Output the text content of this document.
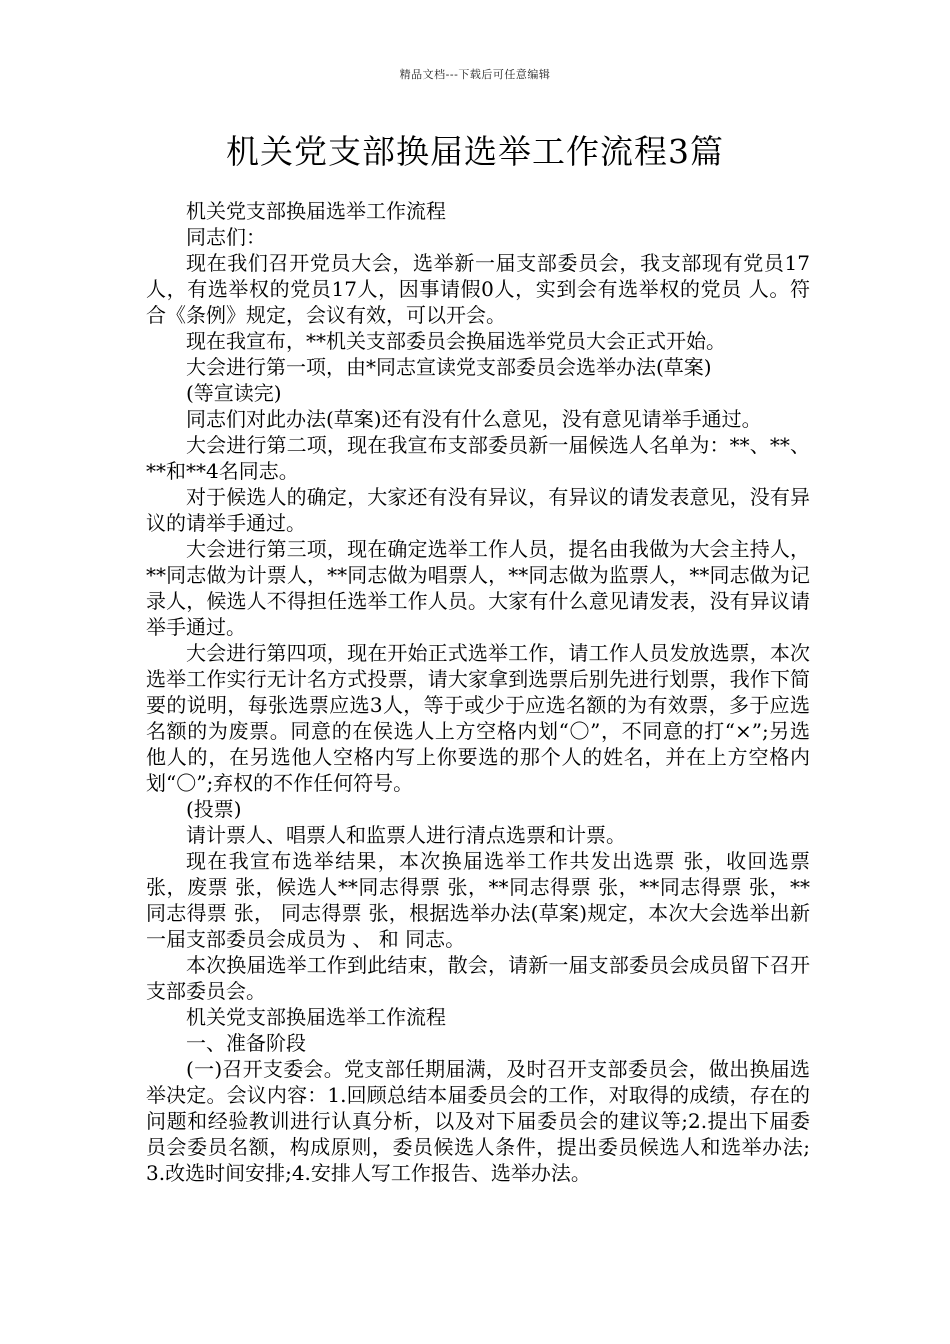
精品文档---下载后可任意编辑
机关党支部换届选举工作流程3篇

机关党支部换届选举工作流程

同志们：

现在我们召开党员大会，选举新一届支部委员会，我支部现有党员17人，有选举权的党员17人，因事请假0人，实到会有选举权的党员 人。符合《条例》规定，会议有效，可以开会。

现在我宣布，**机关支部委员会换届选举党员大会正式开始。

大会进行第一项，由*同志宣读党支部委员会选举办法(草案)

(等宣读完)

同志们对此办法(草案)还有没有什么意见，没有意见请举手通过。

大会进行第二项，现在我宣布支部委员新一届候选人名单为：**、**、**和**4名同志。

对于候选人的确定，大家还有没有异议，有异议的请发表意见，没有异议的请举手通过。

大会进行第三项，现在确定选举工作人员，提名由我做为大会主持人，**同志做为计票人，**同志做为唱票人，**同志做为监票人，**同志做为记录人，候选人不得担任选举工作人员。大家有什么意见请发表，没有异议请举手通过。

大会进行第四项，现在开始正式选举工作，请工作人员发放选票，本次选举工作实行无计名方式投票，请大家拿到选票后别先进行划票，我作下简要的说明，每张选票应选3人，等于或少于应选名额的为有效票，多于应选名额的为废票。同意的在侯选人上方空格内划“〇”，不同意的打“×”;另选他人的，在另选他人空格内写上你要选的那个人的姓名，并在上方空格内划“〇”;弃权的不作任何符号。

(投票)

请计票人、唱票人和监票人进行清点选票和计票。

现在我宣布选举结果，本次换届选举工作共发出选票 张，收回选票 张，废票 张，候选人**同志得票 张，**同志得票 张，**同志得票 张，**同志得票 张， 同志得票 张，根据选举办法(草案)规定，本次大会选举出新一届支部委员会成员为 、 和 同志。

本次换届选举工作到此结束，散会，请新一届支部委员会成员留下召开支部委员会。

机关党支部换届选举工作流程

一、准备阶段

(一)召开支委会。党支部任期届满，及时召开支部委员会，做出换届选举决定。会议内容：1.回顾总结本届委员会的工作，对取得的成绩，存在的问题和经验教训进行认真分析，以及对下届委员会的建议等;2.提出下届委员会委员名额，构成原则，委员候选人条件，提出委员候选人和选举办法;3.改选时间安排;4.安排人写工作报告、选举办法。
